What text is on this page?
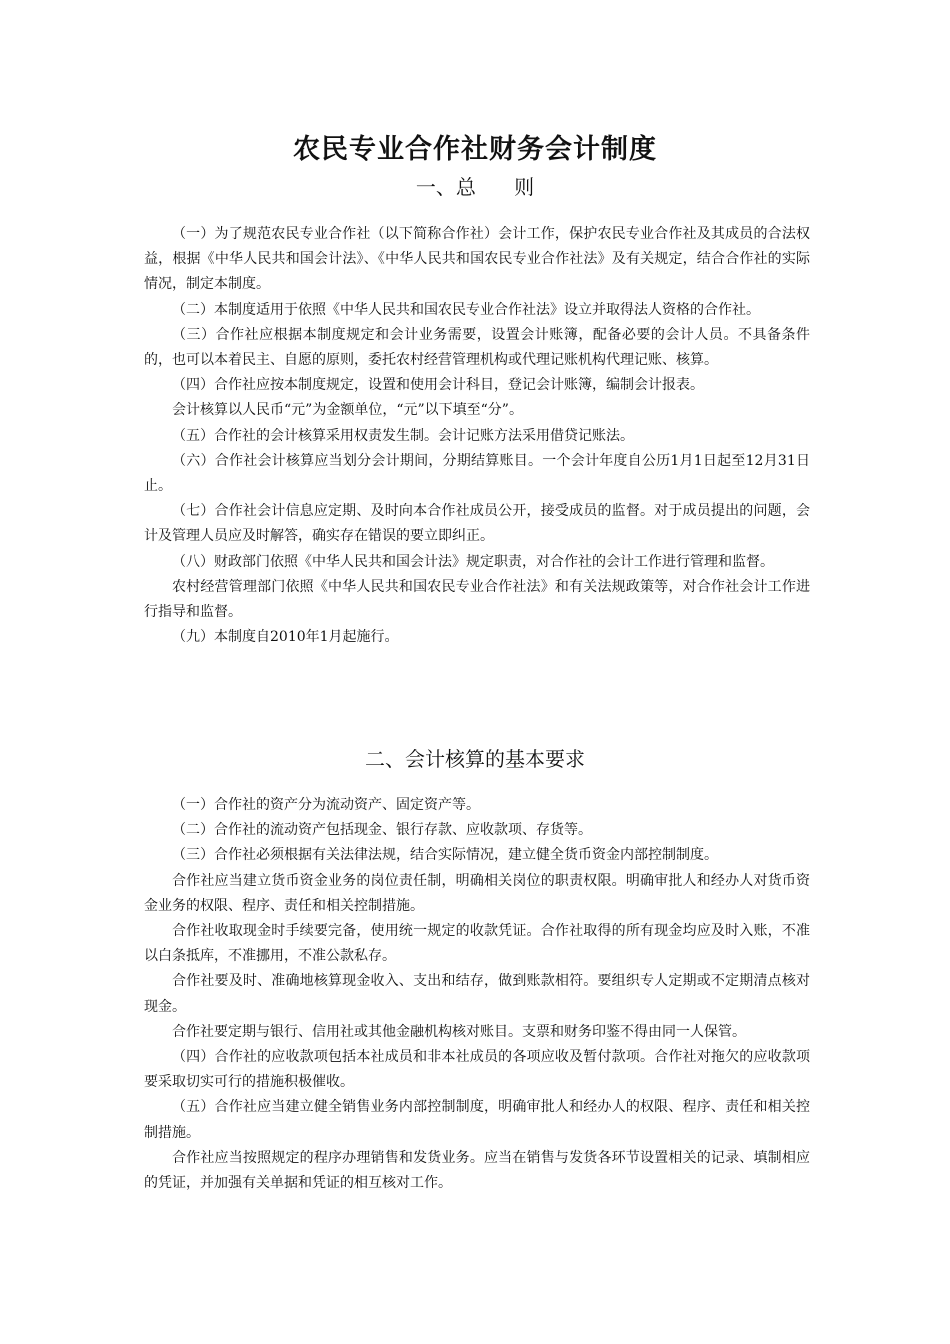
农民专业合作社财务会计制度
一、总      则

（一）为了规范农民专业合作社（以下简称合作社）会计工作，保护农民专业合作社及其成员的合法权益，根据《中华人民共和国会计法》、《中华人民共和国农民专业合作社法》及有关规定，结合合作社的实际情况，制定本制度。

（二）本制度适用于依照《中华人民共和国农民专业合作社法》设立并取得法人资格的合作社。

（三）合作社应根据本制度规定和会计业务需要，设置会计账簿，配备必要的会计人员。不具备条件的，也可以本着民主、自愿的原则，委托农村经营管理机构或代理记账机构代理记账、核算。

（四）合作社应按本制度规定，设置和使用会计科目，登记会计账簿，编制会计报表。

会计核算以人民币“元”为金额单位，“元”以下填至“分”。

（五）合作社的会计核算采用权责发生制。会计记账方法采用借贷记账法。

（六）合作社会计核算应当划分会计期间，分期结算账目。一个会计年度自公历1月1日起至12月31日止。

（七）合作社会计信息应定期、及时向本合作社成员公开，接受成员的监督。对于成员提出的问题，会计及管理人员应及时解答，确实存在错误的要立即纠正。

（八）财政部门依照《中华人民共和国会计法》规定职责，对合作社的会计工作进行管理和监督。

农村经营管理部门依照《中华人民共和国农民专业合作社法》和有关法规政策等，对合作社会计工作进行指导和监督。

（九）本制度自2010年1月起施行。

二、会计核算的基本要求

（一）合作社的资产分为流动资产、固定资产等。

（二）合作社的流动资产包括现金、银行存款、应收款项、存货等。

（三）合作社必须根据有关法律法规，结合实际情况，建立健全货币资金内部控制制度。

合作社应当建立货币资金业务的岗位责任制，明确相关岗位的职责权限。明确审批人和经办人对货币资金业务的权限、程序、责任和相关控制措施。

合作社收取现金时手续要完备，使用统一规定的收款凭证。合作社取得的所有现金均应及时入账，不准以白条抵库，不准挪用，不准公款私存。

合作社要及时、准确地核算现金收入、支出和结存，做到账款相符。要组织专人定期或不定期清点核对现金。

合作社要定期与银行、信用社或其他金融机构核对账目。支票和财务印鉴不得由同一人保管。

（四）合作社的应收款项包括本社成员和非本社成员的各项应收及暂付款项。合作社对拖欠的应收款项要采取切实可行的措施积极催收。

（五）合作社应当建立健全销售业务内部控制制度，明确审批人和经办人的权限、程序、责任和相关控制措施。

合作社应当按照规定的程序办理销售和发货业务。应当在销售与发货各环节设置相关的记录、填制相应的凭证，并加强有关单据和凭证的相互核对工作。
